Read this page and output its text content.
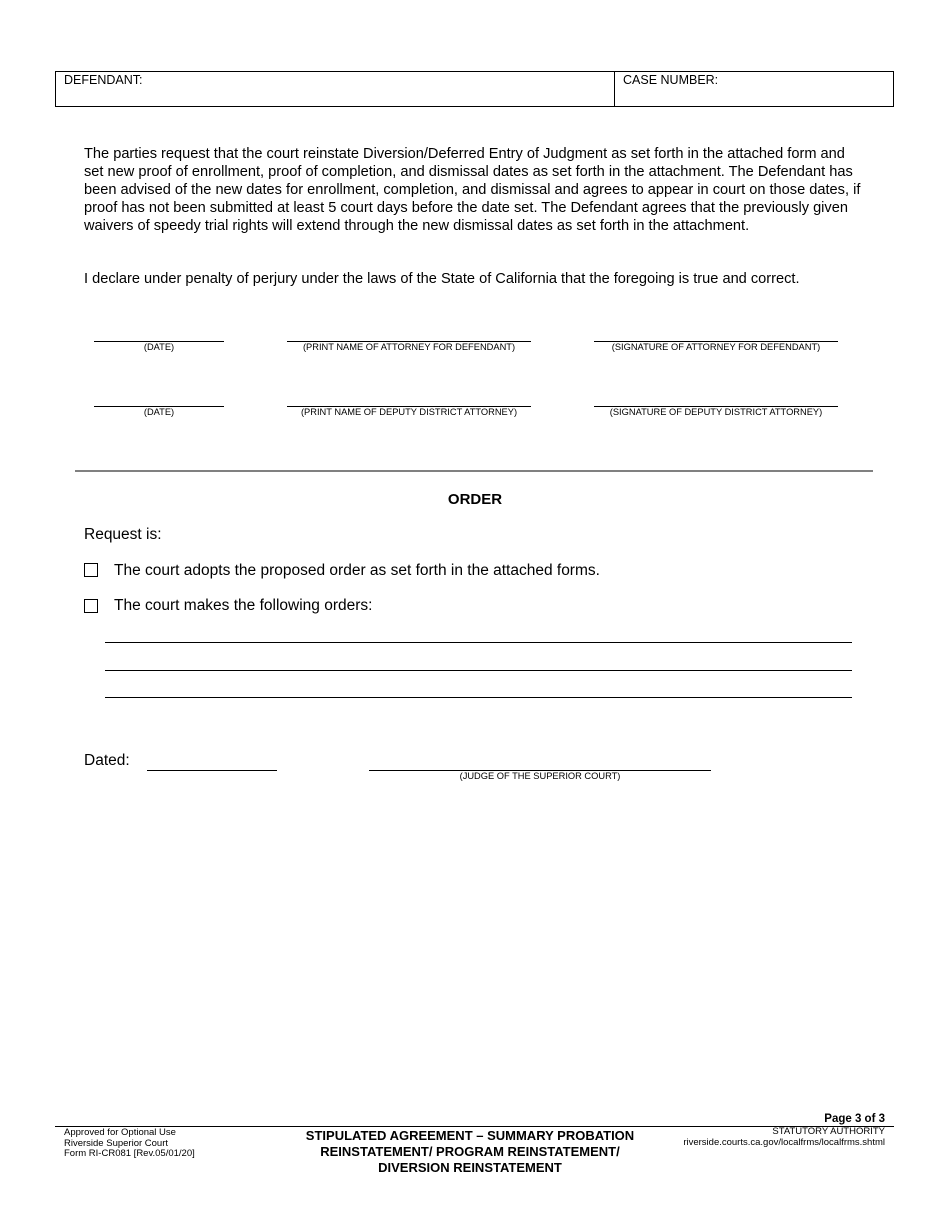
DEFENDANT:	CASE NUMBER:
The parties request that the court reinstate Diversion/Deferred Entry of Judgment as set forth in the attached form and set new proof of enrollment, proof of completion, and dismissal dates as set forth in the attachment. The Defendant has been advised of the new dates for enrollment, completion, and dismissal and agrees to appear in court on those dates, if proof has not been submitted at least 5 court days before the date set. The Defendant agrees that the previously given waivers of speedy trial rights will extend through the new dismissal dates as set forth in the attachment.
I declare under penalty of perjury under the laws of the State of California that the foregoing is true and correct.
(DATE)	(PRINT NAME OF ATTORNEY FOR DEFENDANT)	(SIGNATURE OF ATTORNEY FOR DEFENDANT)
(DATE)	(PRINT NAME OF DEPUTY DISTRICT ATTORNEY)	(SIGNATURE OF DEPUTY DISTRICT ATTORNEY)
ORDER
Request is:
The court adopts the proposed order as set forth in the attached forms.
The court makes the following orders:
Dated:
(JUDGE OF THE SUPERIOR COURT)
Page 3 of 3
Approved for Optional Use
Riverside Superior Court
Form RI-CR081 [Rev.05/01/20]
STIPULATED AGREEMENT – SUMMARY PROBATION
REINSTATEMENT/ PROGRAM REINSTATEMENT/
DIVERSION REINSTATEMENT
STATUTORY AUTHORITY
riverside.courts.ca.gov/localfrms/localfrms.shtml
